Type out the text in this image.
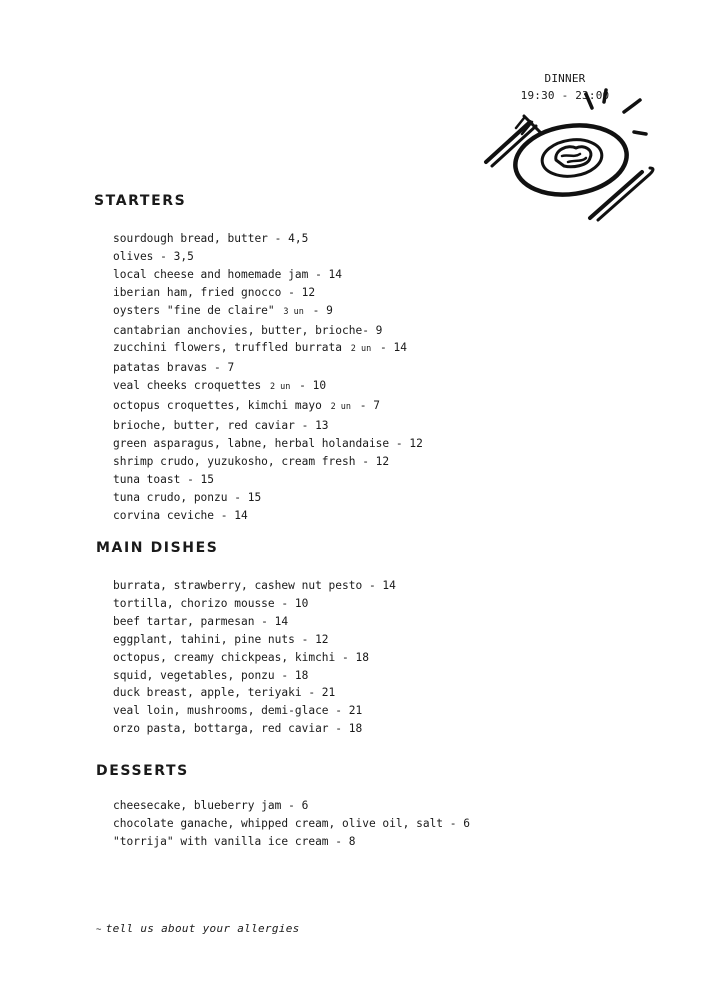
DINNER
19:30 - 23:00
STARTERS
sourdough bread, butter - 4,5
olives - 3,5
local cheese and homemade jam - 14
iberian ham, fried gnocco - 12
oysters "fine de claire" 3 un - 9
cantabrian anchovies, butter, brioche- 9
zucchini flowers, truffled burrata 2 un - 14
patatas bravas - 7
veal cheeks croquettes 2 un - 10
octopus croquettes, kimchi mayo 2 un - 7
brioche, butter, red caviar - 13
green asparagus, labne, herbal holandaise - 12
shrimp crudo, yuzukosho, cream fresh - 12
tuna toast - 15
tuna crudo, ponzu - 15
corvina ceviche - 14
MAIN DISHES
burrata, strawberry, cashew nut pesto - 14
tortilla, chorizo mousse - 10
beef tartar, parmesan - 14
eggplant, tahini, pine nuts - 12
octopus, creamy chickpeas, kimchi - 18
squid, vegetables, ponzu - 18
duck breast, apple, teriyaki - 21
veal loin, mushrooms, demi-glace - 21
orzo pasta, bottarga, red caviar - 18
DESSERTS
cheesecake, blueberry jam - 6
chocolate ganache, whipped cream, olive oil, salt - 6
"torrija" with vanilla ice cream - 8
~ tell us about your allergies
